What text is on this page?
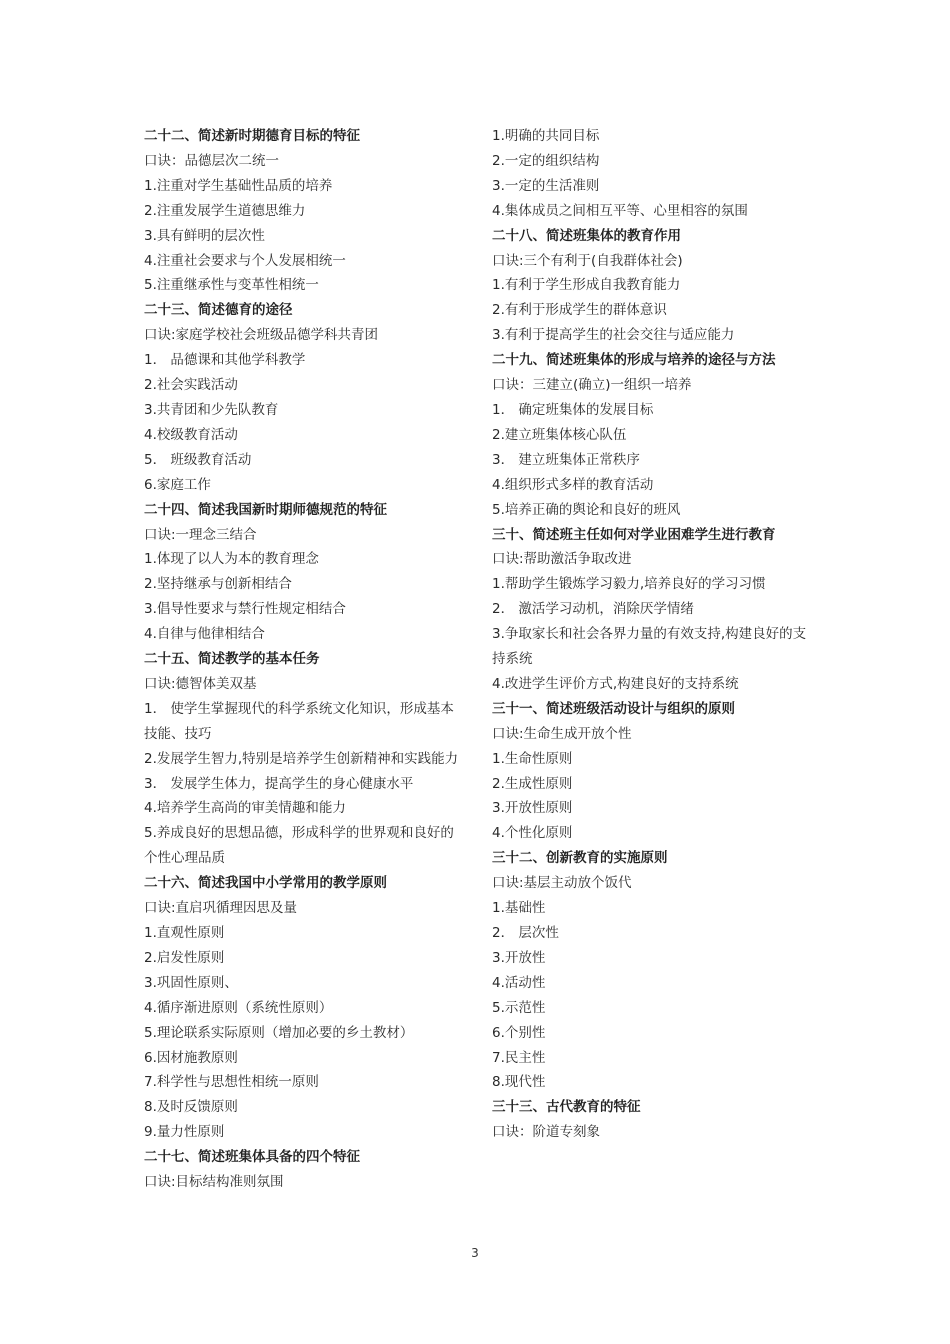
二十二、简述新时期德育目标的特征
口诀：品德层次二统一
1.注重对学生基础性品质的培养
2.注重发展学生道德思维力
3.具有鲜明的层次性
4.注重社会要求与个人发展相统一
5.注重继承性与变革性相统一
二十三、简述德育的途径
口诀:家庭学校社会班级品德学科共青团
1． 品德课和其他学科教学
2.社会实践活动
3.共青团和少先队教育
4.校级教育活动
5． 班级教育活动
6.家庭工作
二十四、简述我国新时期师德规范的特征
口诀:一理念三结合
1.体现了以人为本的教育理念
2.坚持继承与创新相结合
3.倡导性要求与禁行性规定相结合
4.自律与他律相结合
二十五、简述教学的基本任务
口诀:德智体美双基
1． 使学生掌握现代的科学系统文化知识，形成基本技能、技巧
2.发展学生智力,特别是培养学生创新精神和实践能力
3． 发展学生体力，提高学生的身心健康水平
4.培养学生高尚的审美情趣和能力
5.养成良好的思想品德，形成科学的世界观和良好的个性心理品质
二十六、简述我国中小学常用的教学原则
口诀:直启巩循理因思及量
1.直观性原则
2.启发性原则
3.巩固性原则、
4.循序渐进原则（系统性原则）
5.理论联系实际原则（增加必要的乡土教材）
6.因材施教原则
7.科学性与思想性相统一原则
8.及时反馈原则
9.量力性原则
二十七、简述班集体具备的四个特征
口诀:目标结构准则氛围
1.明确的共同目标
2.一定的组织结构
3.一定的生活准则
4.集体成员之间相互平等、心里相容的氛围
二十八、简述班集体的教育作用
口诀:三个有利于(自我群体社会)
1.有利于学生形成自我教育能力
2.有利于形成学生的群体意识
3.有利于提高学生的社会交往与适应能力
二十九、简述班集体的形成与培养的途径与方法
口诀：三建立(确立)一组织一培养
1． 确定班集体的发展目标
2.建立班集体核心队伍
3． 建立班集体正常秩序
4.组织形式多样的教育活动
5.培养正确的舆论和良好的班风
三十、简述班主任如何对学业困难学生进行教育
口诀:帮助激活争取改进
1.帮助学生锻炼学习毅力,培养良好的学习习惯
2． 激活学习动机，消除厌学情绪
3.争取家长和社会各界力量的有效支持,构建良好的支持系统
4.改进学生评价方式,构建良好的支持系统
三十一、简述班级活动设计与组织的原则
口诀:生命生成开放个性
1.生命性原则
2.生成性原则
3.开放性原则
4.个性化原则
三十二、创新教育的实施原则
口诀:基层主动放个饭代
1.基础性
2． 层次性
3.开放性
4.活动性
5.示范性
6.个别性
7.民主性
8.现代性
三十三、古代教育的特征
口诀：阶道专刻象
3
